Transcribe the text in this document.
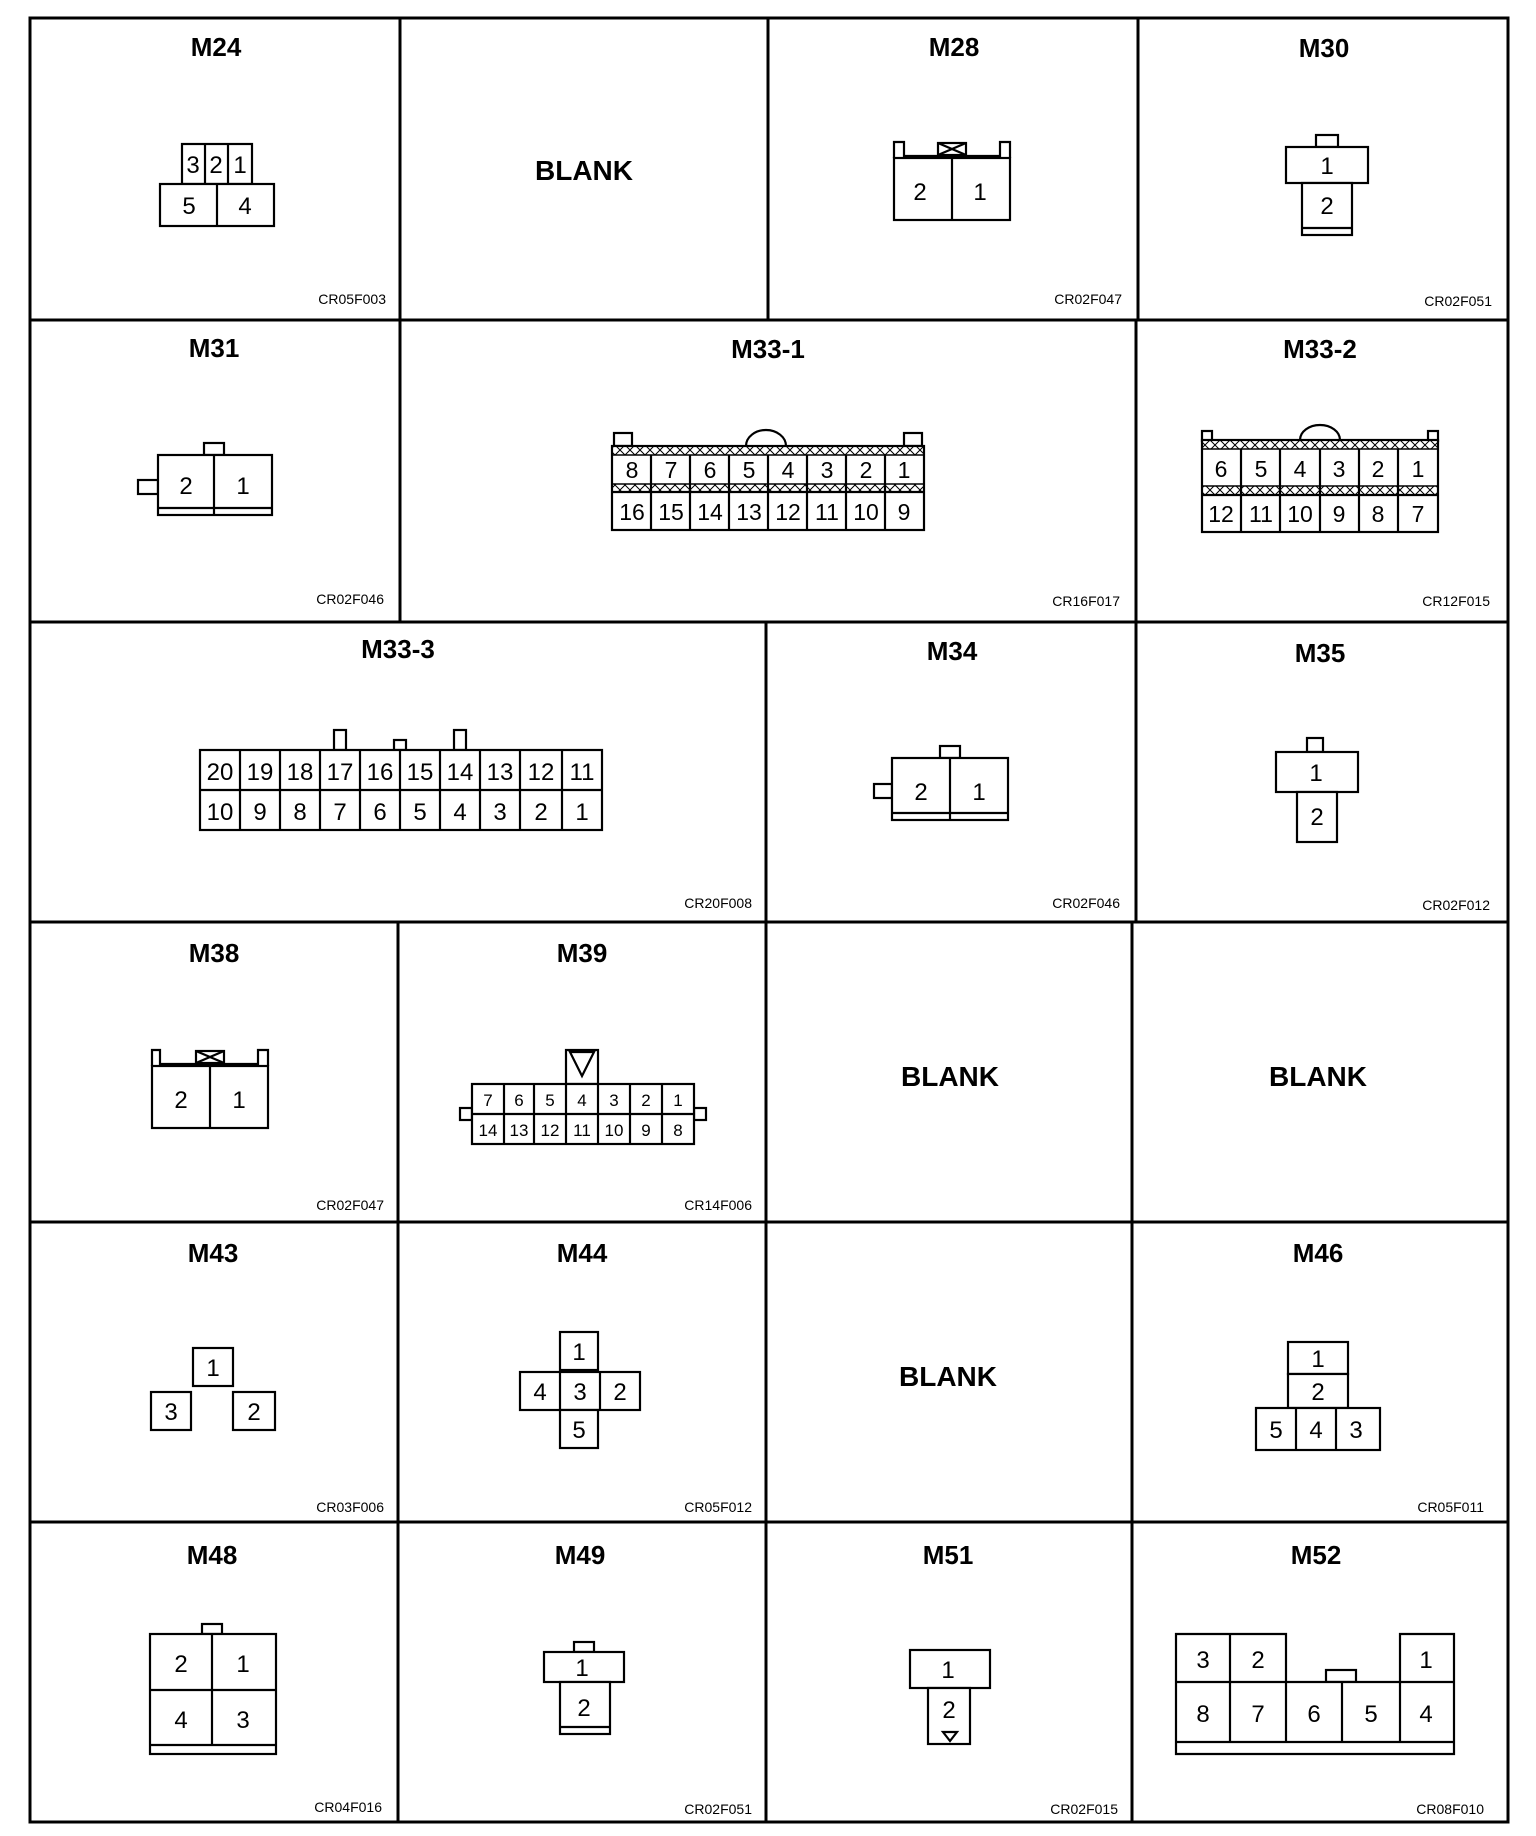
M24
CR05F003
3 2 1
5 4
BLANK
M28
CR02F047
2 1
M30
CR02F051
1
2
M31
CR02F046
2 1
M33-1
CR16F017
8 7 6 5 4 3 2 1
16 15 14 13 12 11 10 9
M33-2
CR12F015
6 5 4 3 2 1
12 11 10 9 8 7
M33-3
CR20F008
20 19 18 17 16 15 14 13 12 11
10 9 8 7 6 5 4 3 2 1
M34
CR02F046
2 1
M35
CR02F012
1
2
M38
CR02F047
2 1
M39
CR14F006
7 6 5 4 3 2 1
14 13 12 11 10 9 8
BLANK	BLANK
M43
CR03F006
1
3	2
M44
CR05F012
1
4 3 2
5
BLANK
M46
CR05F011
1
2
5 4 3
M48
CR04F016
2 1
4 3
M49
CR02F051
1
2
M51
CR02F015
1
2
M52
CR08F010
3 2	1
8 7 6 5 4
